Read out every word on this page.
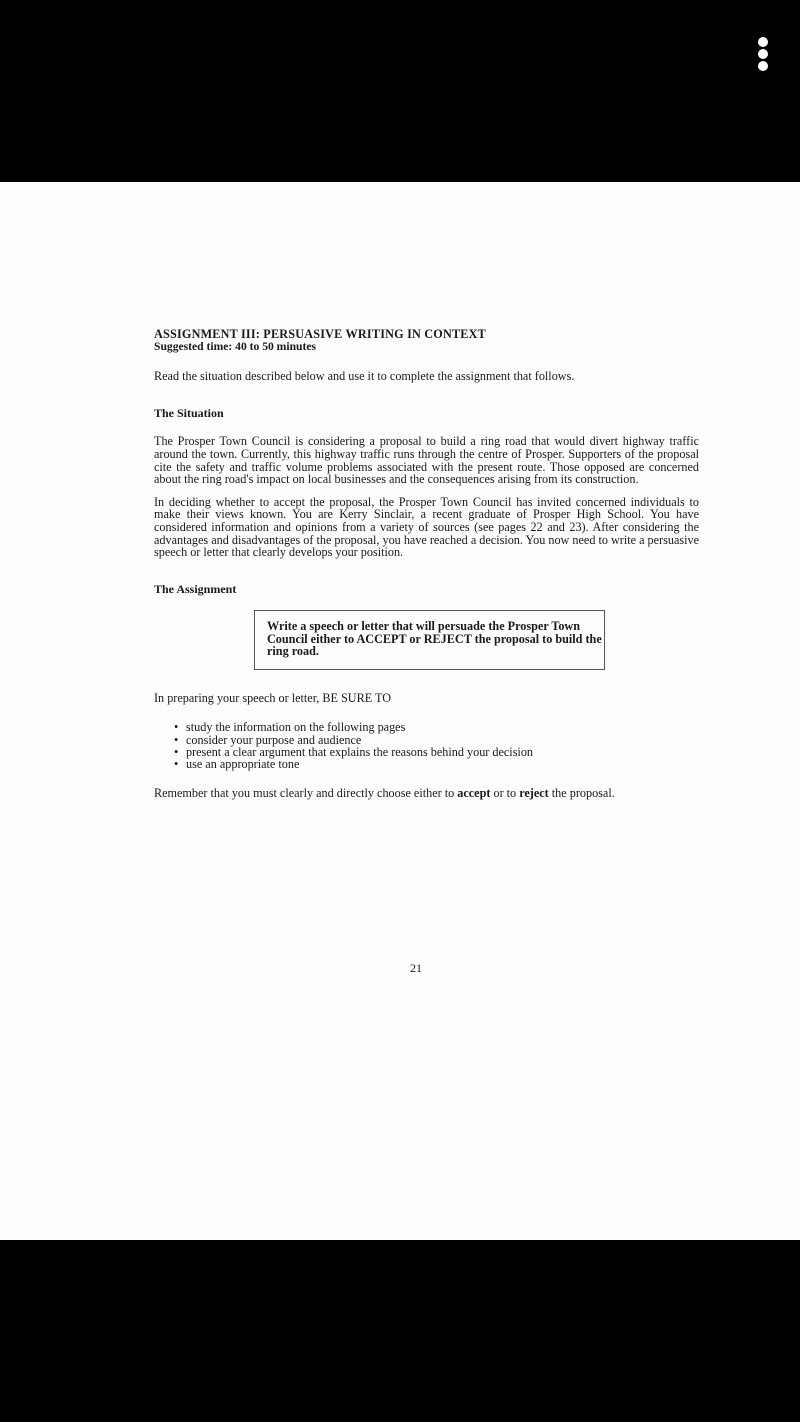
ASSIGNMENT III: PERSUASIVE WRITING IN CONTEXT

Suggested time: 40 to 50 minutes

Read the situation described below and use it to complete the assignment that follows.

The Situation

The Prosper Town Council is considering a proposal to build a ring road that would divert highway traffic around the town. Currently, this highway traffic runs through the centre of Prosper. Supporters of the proposal cite the safety and traffic volume problems associated with the present route. Those opposed are concerned about the ring road's impact on local businesses and the consequences arising from its construction.

In deciding whether to accept the proposal, the Prosper Town Council has invited concerned individuals to make their views known. You are Kerry Sinclair, a recent graduate of Prosper High School. You have considered information and opinions from a variety of sources (see pages 22 and 23). After considering the advantages and disadvantages of the proposal, you have reached a decision. You now need to write a persuasive speech or letter that clearly develops your position.

The Assignment

Write a speech or letter that will persuade the Prosper Town Council either to ACCEPT or REJECT the proposal to build the ring road.

In preparing your speech or letter, BE SURE TO

• study the information on the following pages
• consider your purpose and audience
• present a clear argument that explains the reasons behind your decision
• use an appropriate tone

Remember that you must clearly and directly choose either to accept or to reject the proposal.

21
